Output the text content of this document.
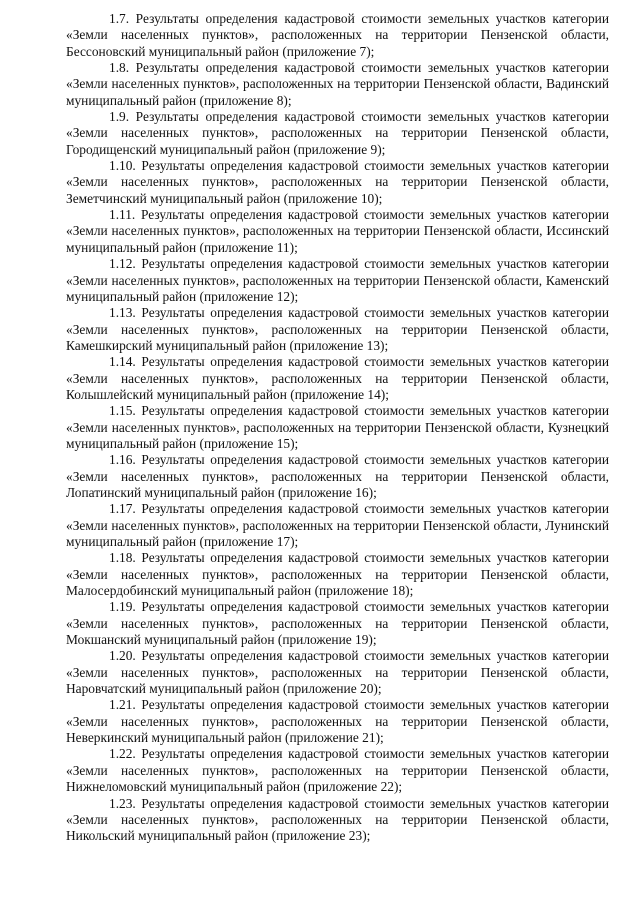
1.7. Результаты определения кадастровой стоимости земельных участков категории «Земли населенных пунктов», расположенных на территории Пензенской области, Бессоновский муниципальный район (приложение 7);

1.8. Результаты определения кадастровой стоимости земельных участков категории «Земли населенных пунктов», расположенных на территории Пензенской области, Вадинский муниципальный район (приложение 8);

1.9. Результаты определения кадастровой стоимости земельных участков категории «Земли населенных пунктов», расположенных на территории Пензенской области, Городищенский муниципальный район (приложение 9);

1.10. Результаты определения кадастровой стоимости земельных участков категории «Земли населенных пунктов», расположенных на территории Пензенской области, Земетчинский муниципальный район (приложение 10);

1.11. Результаты определения кадастровой стоимости земельных участков категории «Земли населенных пунктов», расположенных на территории Пензенской области, Иссинский муниципальный район (приложение 11);

1.12. Результаты определения кадастровой стоимости земельных участков категории «Земли населенных пунктов», расположенных на территории Пензенской области, Каменский муниципальный район (приложение 12);

1.13. Результаты определения кадастровой стоимости земельных участков категории «Земли населенных пунктов», расположенных на территории Пензенской области, Камешкирский муниципальный район (приложение 13);

1.14. Результаты определения кадастровой стоимости земельных участков категории «Земли населенных пунктов», расположенных на территории Пензенской области, Колышлейский муниципальный район (приложение 14);

1.15. Результаты определения кадастровой стоимости земельных участков категории «Земли населенных пунктов», расположенных на территории Пензенской области, Кузнецкий муниципальный район (приложение 15);

1.16. Результаты определения кадастровой стоимости земельных участков категории «Земли населенных пунктов», расположенных на территории Пензенской области, Лопатинский муниципальный район (приложение 16);

1.17. Результаты определения кадастровой стоимости земельных участков категории «Земли населенных пунктов», расположенных на территории Пензенской области, Лунинский муниципальный район (приложение 17);

1.18. Результаты определения кадастровой стоимости земельных участков категории «Земли населенных пунктов», расположенных на территории Пензенской области, Малосердобинский муниципальный район (приложение 18);

1.19. Результаты определения кадастровой стоимости земельных участков категории «Земли населенных пунктов», расположенных на территории Пензенской области, Мокшанский муниципальный район (приложение 19);

1.20. Результаты определения кадастровой стоимости земельных участков категории «Земли населенных пунктов», расположенных на территории Пензенской области, Наровчатский муниципальный район (приложение 20);

1.21. Результаты определения кадастровой стоимости земельных участков категории «Земли населенных пунктов», расположенных на территории Пензенской области, Неверкинский муниципальный район (приложение 21);

1.22. Результаты определения кадастровой стоимости земельных участков категории «Земли населенных пунктов», расположенных на территории Пензенской области, Нижнеломовский муниципальный район (приложение 22);

1.23. Результаты определения кадастровой стоимости земельных участков категории «Земли населенных пунктов», расположенных на территории Пензенской области, Никольский муниципальный район (приложение 23);
